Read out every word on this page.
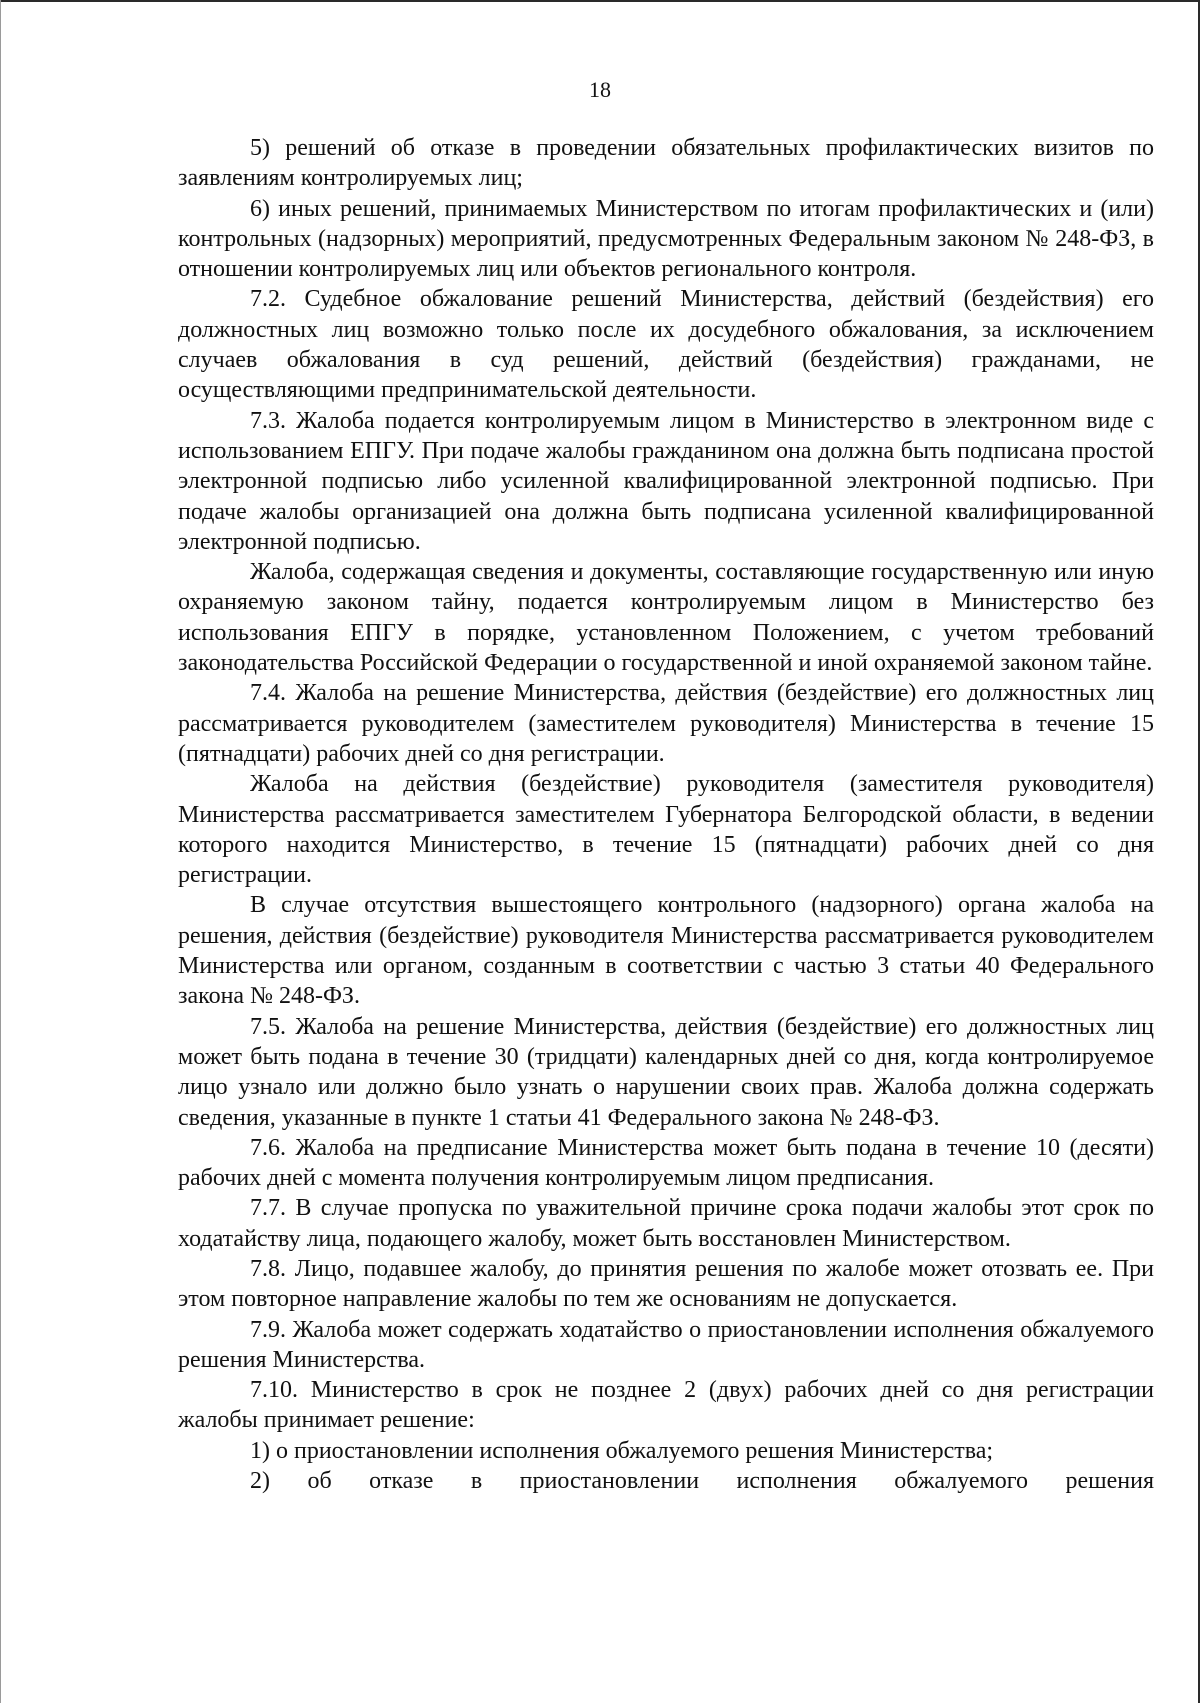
18

5) решений об отказе в проведении обязательных профилактических визитов по заявлениям контролируемых лиц;

6) иных решений, принимаемых Министерством по итогам профилактических и (или) контрольных (надзорных) мероприятий, предусмотренных Федеральным законом № 248-ФЗ, в отношении контролируемых лиц или объектов регионального контроля.

7.2. Судебное обжалование решений Министерства, действий (бездействия) его должностных лиц возможно только после их досудебного обжалования, за исключением случаев обжалования в суд решений, действий (бездействия) гражданами, не осуществляющими предпринимательской деятельности.

7.3. Жалоба подается контролируемым лицом в Министерство в электронном виде с использованием ЕПГУ. При подаче жалобы гражданином она должна быть подписана простой электронной подписью либо усиленной квалифицированной электронной подписью. При подаче жалобы организацией она должна быть подписана усиленной квалифицированной электронной подписью.

Жалоба, содержащая сведения и документы, составляющие государственную или иную охраняемую законом тайну, подается контролируемым лицом в Министерство без использования ЕПГУ в порядке, установленном Положением, с учетом требований законодательства Российской Федерации о государственной и иной охраняемой законом тайне.

7.4. Жалоба на решение Министерства, действия (бездействие) его должностных лиц рассматривается руководителем (заместителем руководителя) Министерства в течение 15 (пятнадцати) рабочих дней со дня регистрации.

Жалоба на действия (бездействие) руководителя (заместителя руководителя) Министерства рассматривается заместителем Губернатора Белгородской области, в ведении которого находится Министерство, в течение 15 (пятнадцати) рабочих дней со дня регистрации.

В случае отсутствия вышестоящего контрольного (надзорного) органа жалоба на решения, действия (бездействие) руководителя Министерства рассматривается руководителем Министерства или органом, созданным в соответствии с частью 3 статьи 40 Федерального закона № 248-ФЗ.

7.5. Жалоба на решение Министерства, действия (бездействие) его должностных лиц может быть подана в течение 30 (тридцати) календарных дней со дня, когда контролируемое лицо узнало или должно было узнать о нарушении своих прав. Жалоба должна содержать сведения, указанные в пункте 1 статьи 41 Федерального закона № 248-ФЗ.

7.6. Жалоба на предписание Министерства может быть подана в течение 10 (десяти) рабочих дней с момента получения контролируемым лицом предписания.

7.7. В случае пропуска по уважительной причине срока подачи жалобы этот срок по ходатайству лица, подающего жалобу, может быть восстановлен Министерством.

7.8. Лицо, подавшее жалобу, до принятия решения по жалобе может отозвать ее. При этом повторное направление жалобы по тем же основаниям не допускается.

7.9. Жалоба может содержать ходатайство о приостановлении исполнения обжалуемого решения Министерства.

7.10. Министерство в срок не позднее 2 (двух) рабочих дней со дня регистрации жалобы принимает решение:

1) о приостановлении исполнения обжалуемого решения Министерства;

2) об отказе в приостановлении исполнения обжалуемого решения
